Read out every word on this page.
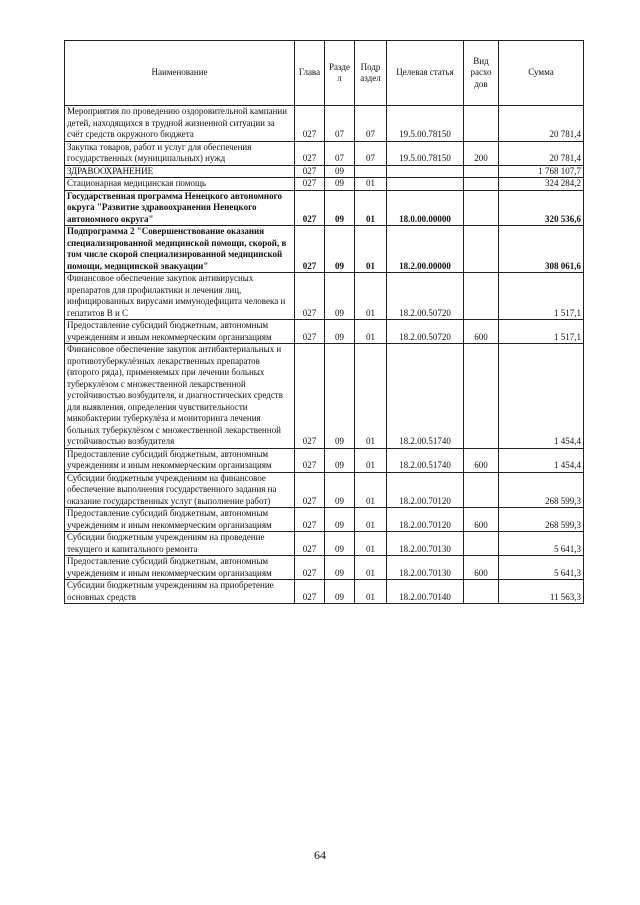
Наименование	Глава	Разде л	Подр аздел	Целевая статья	Вид расхо дов	Сумма
Мероприятия по проведению оздоровительной кампании детей, находящихся в трудной жизненной ситуации за счёт средств окружного бюджета	027	07	07	19.5.00.78150		20 781,4
Закупка товаров, работ и услуг для обеспечения государственных (муниципальных) нужд	027	07	07	19.5.00.78150	200	20 781,4
ЗДРАВООХРАНЕНИЕ	027	09				1 768 107,7
Стационарная медицинская помощь	027	09	01			324 284,2
Государственная программа Ненецкого автономного округа "Развитие здравоохранения Ненецкого автономного округа"	027	09	01	18.0.00.00000		320 536,6
Подпрограмма 2 "Совершенствование оказания специализированной медицинской помощи, скорой, в том числе скорой специализированной медицинской помощи, медицинской эвакуации"	027	09	01	18.2.00.00000		308 061,6
Финансовое обеспечение закупок антивирусных препаратов для профилактики и лечения лиц, инфицированных вирусами иммунодефицита человека и гепатитов В и С	027	09	01	18.2.00.50720		1 517,1
Предоставление субсидий бюджетным, автономным учреждениям и иным некоммерческим организациям	027	09	01	18.2.00.50720	600	1 517,1
Финансовое обеспечение закупок антибактериальных и противотуберкулёзных лекарственных препаратов (второго ряда), применяемых при лечении больных туберкулёзом с множественной лекарственной устойчивостью возбудителя, и диагностических средств для выявления, определения чувствительности микобактерии туберкулёза и мониторинга лечения больных туберкулёзом с множественной лекарственной устойчивостью возбудителя	027	09	01	18.2.00.51740		1 454,4
Предоставление субсидий бюджетным, автономным учреждениям и иным некоммерческим организациям	027	09	01	18.2.00.51740	600	1 454,4
Субсидии бюджетным учреждениям на финансовое обеспечение выполнения государственного задания на оказание государственных услуг (выполнение работ)	027	09	01	18.2.00.70120		268 599,3
Предоставление субсидий бюджетным, автономным учреждениям и иным некоммерческим организациям	027	09	01	18.2.00.70120	600	268 599,3
Субсидии бюджетным учреждениям на проведение текущего и капитального ремонта	027	09	01	18.2.00.70130		5 641,3
Предоставление субсидий бюджетным, автономным учреждениям и иным некоммерческим организациям	027	09	01	18.2.00.70130	600	5 641,3
Субсидии бюджетным учреждениям на приобретение основных средств	027	09	01	18.2.00.70140		11 563,3
64
